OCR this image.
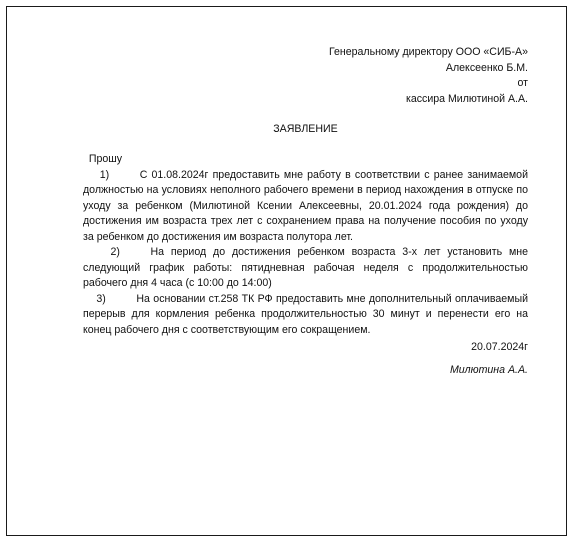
Генеральному директору ООО «СИБ-А»
Алексеенко Б.М.
от
кассира Милютиной А.А.
ЗАЯВЛЕНИЕ
Прошу
1)	С 01.08.2024г предоставить мне работу в соответствии с ранее занимаемой должностью на условиях неполного рабочего времени в период нахождения в отпуске по уходу за ребенком (Милютиной Ксении Алексеевны, 20.01.2024 года рождения) до достижения им возраста трех лет с сохранением права на получение пособия по уходу за ребенком до достижения им возраста полутора лет.
2)	На период до достижения ребенком возраста 3-х лет установить мне следующий график работы: пятидневная рабочая неделя с продолжительностью рабочего дня 4 часа (с 10:00 до 14:00)
3)	На основании ст.258 ТК РФ предоставить мне дополнительный оплачиваемый перерыв для кормления ребенка продолжительностью 30 минут и перенести его на конец рабочего дня с соответствующим его сокращением.
20.07.2024г
Милютина А.А.
